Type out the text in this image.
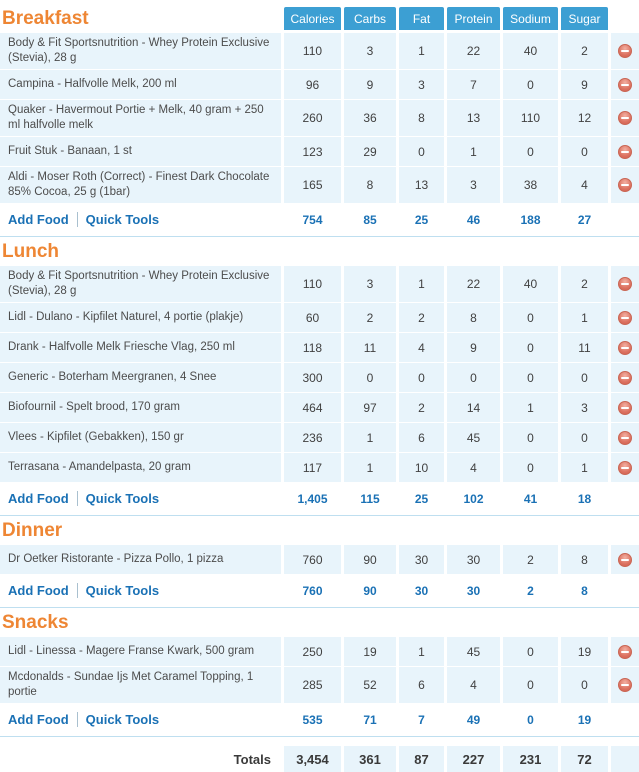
Breakfast	Calories	Carbs	Fat	Protein	Sodium	Sugar
Body & Fit Sportsnutrition - Whey Protein Exclusive (Stevia), 28 g	110	3	1	22	40	2
Campina - Halfvolle Melk, 200 ml	96	9	3	7	0	9
Quaker - Havermout Portie + Melk, 40 gram + 250 ml halfvolle melk	260	36	8	13	110	12
Fruit Stuk - Banaan, 1 st	123	29	0	1	0	0
Aldi - Moser Roth (Correct) - Finest Dark Chocolate 85% Cocoa, 25 g (1bar)	165	8	13	3	38	4
Add Food Quick Tools	754	85	25	46	188	27
Lunch
Body & Fit Sportsnutrition - Whey Protein Exclusive (Stevia), 28 g	110	3	1	22	40	2
Lidl - Dulano - Kipfilet Naturel, 4 portie (plakje)	60	2	2	8	0	1
Drank - Halfvolle Melk Friesche Vlag, 250 ml	118	11	4	9	0	11
Generic - Boterham Meergranen, 4 Snee	300	0	0	0	0	0
Biofournil - Spelt brood, 170 gram	464	97	2	14	1	3
Vlees - Kipfilet (Gebakken), 150 gr	236	1	6	45	0	0
Terrasana - Amandelpasta, 20 gram	117	1	10	4	0	1
Add Food Quick Tools	1,405	115	25	102	41	18
Dinner
Dr Oetker Ristorante - Pizza Pollo, 1 pizza	760	90	30	30	2	8
Add Food Quick Tools	760	90	30	30	2	8
Snacks
Lidl - Linessa - Magere Franse Kwark, 500 gram	250	19	1	45	0	19
Mcdonalds - Sundae Ijs Met Caramel Topping, 1 portie	285	52	6	4	0	0
Add Food Quick Tools	535	71	7	49	0	19
Totals	3,454	361	87	227	231	72
